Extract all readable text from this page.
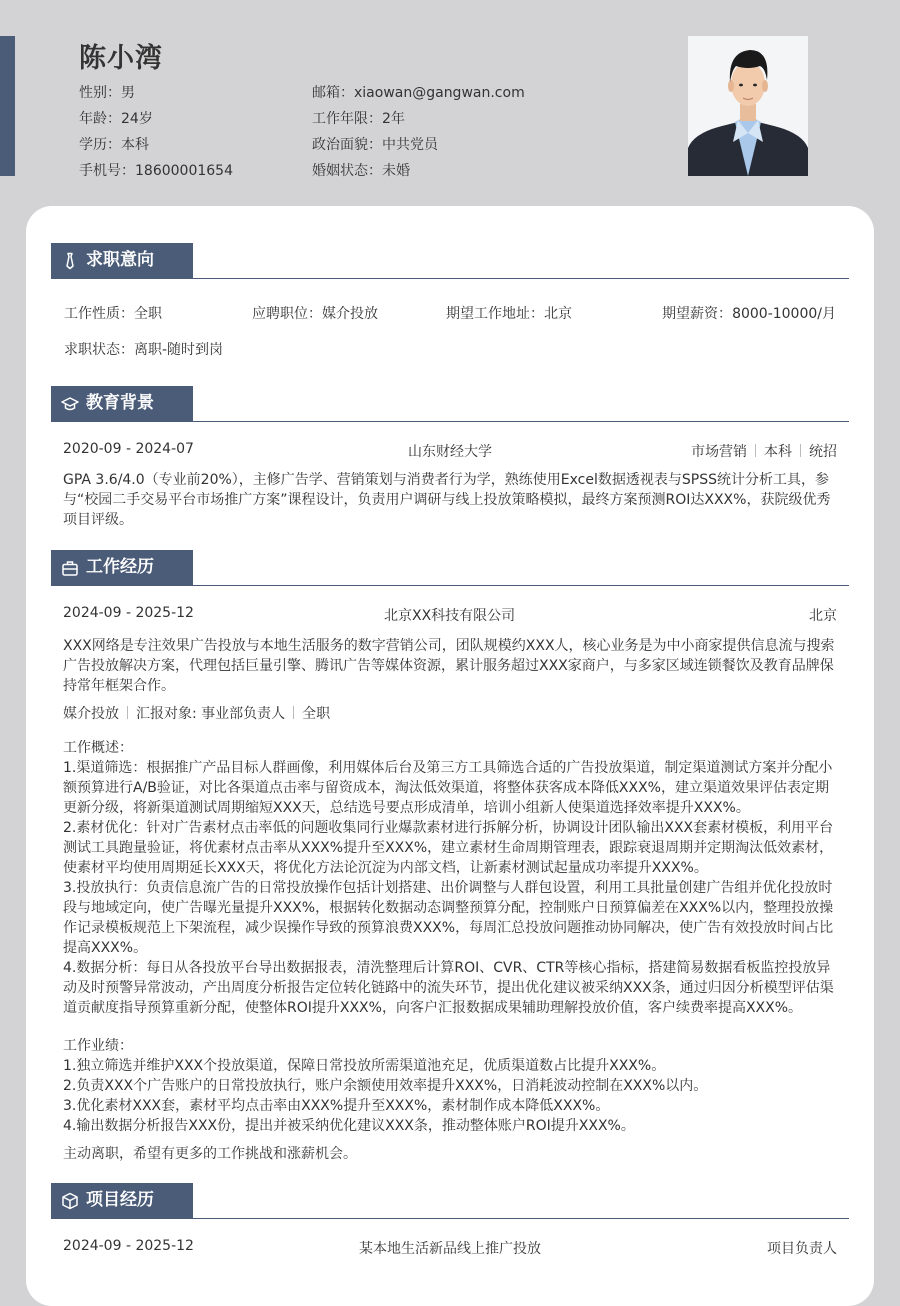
陈小湾
性别：男
年龄：24岁
学历：本科
手机号：18600001654
邮箱：xiaowan@gangwan.com
工作年限：2年
政治面貌：中共党员
婚姻状态：未婚
求职意向
工作性质：全职	应聘职位：媒介投放	期望工作地址：北京	期望薪资：8000-10000/月
求职状态：离职-随时到岗
教育背景
2020-09 - 2024-07	山东财经大学	市场营销 本科 统招
GPA 3.6/4.0（专业前20%），主修广告学、营销策划与消费者行为学，熟练使用Excel数据透视表与SPSS统计分析工具，参与“校园二手交易平台市场推广方案”课程设计，负责用户调研与线上投放策略模拟，最终方案预测ROI达XXX%，获院级优秀项目评级。
工作经历
2024-09 - 2025-12	北京XX科技有限公司	北京
XXX网络是专注效果广告投放与本地生活服务的数字营销公司，团队规模约XXX人，核心业务是为中小商家提供信息流与搜索广告投放解决方案，代理包括巨量引擎、腾讯广告等媒体资源，累计服务超过XXX家商户，与多家区域连锁餐饮及教育品牌保持常年框架合作。
媒介投放 汇报对象: 事业部负责人 全职
工作概述：
1.渠道筛选：根据推广产品目标人群画像，利用媒体后台及第三方工具筛选合适的广告投放渠道，制定渠道测试方案并分配小额预算进行A/B验证，对比各渠道点击率与留资成本，淘汰低效渠道，将整体获客成本降低XXX%，建立渠道效果评估表定期更新分级，将新渠道测试周期缩短XXX天，总结选号要点形成清单，培训小组新人使渠道选择效率提升XXX%。
2.素材优化：针对广告素材点击率低的问题收集同行业爆款素材进行拆解分析，协调设计团队输出XXX套素材模板，利用平台测试工具跑量验证，将优素材点击率从XXX%提升至XXX%，建立素材生命周期管理表，跟踪衰退周期并定期淘汰低效素材，使素材平均使用周期延长XXX天，将优化方法论沉淀为内部文档，让新素材测试起量成功率提升XXX%。
3.投放执行：负责信息流广告的日常投放操作包括计划搭建、出价调整与人群包设置，利用工具批量创建广告组并优化投放时段与地域定向，使广告曝光量提升XXX%，根据转化数据动态调整预算分配，控制账户日预算偏差在XXX%以内，整理投放操作记录模板规范上下架流程，减少误操作导致的预算浪费XXX%，每周汇总投放问题推动协同解决，使广告有效投放时间占比提高XXX%。
4.数据分析：每日从各投放平台导出数据报表，清洗整理后计算ROI、CVR、CTR等核心指标，搭建简易数据看板监控投放异动及时预警异常波动，产出周度分析报告定位转化链路中的流失环节，提出优化建议被采纳XXX条，通过归因分析模型评估渠道贡献度指导预算重新分配，使整体ROI提升XXX%，向客户汇报数据成果辅助理解投放价值，客户续费率提高XXX%。
工作业绩：
1.独立筛选并维护XXX个投放渠道，保障日常投放所需渠道池充足，优质渠道数占比提升XXX%。
2.负责XXX个广告账户的日常投放执行，账户余额使用效率提升XXX%，日消耗波动控制在XXX%以内。
3.优化素材XXX套，素材平均点击率由XXX%提升至XXX%，素材制作成本降低XXX%。
4.输出数据分析报告XXX份，提出并被采纳优化建议XXX条，推动整体账户ROI提升XXX%。
主动离职，希望有更多的工作挑战和涨薪机会。
项目经历
2024-09 - 2025-12	某本地生活新品线上推广投放	项目负责人
